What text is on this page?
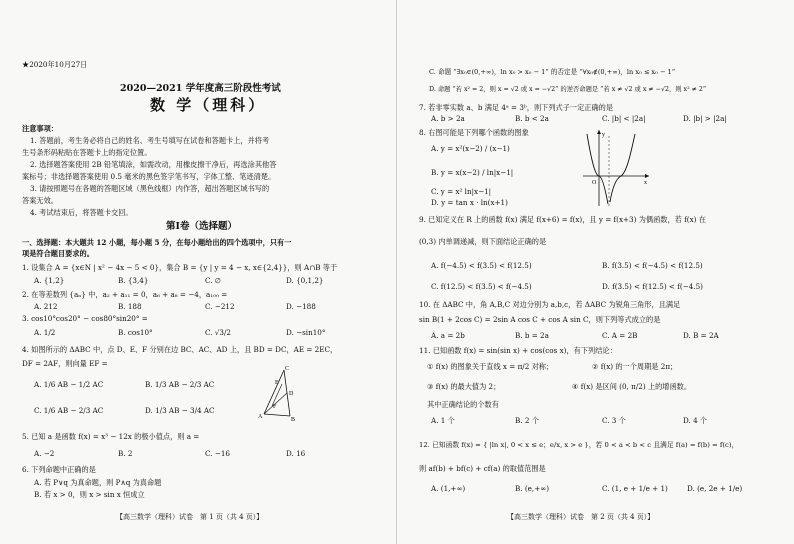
★2020年10月27日
2020—2021 学年度高三阶段性考试
数 学（理科）
注意事项：
1. 答题前，考生务必将自己的姓名、考生号填写在试卷和答题卡上，并将考
生号条形码粘贴在答题卡上的指定位置。
2. 选择题答案使用 2B 铅笔填涂，如需改动，用橡皮擦干净后，再选涂其他答
案标号；非选择题答案使用 0.5 毫米的黑色签字笔书写，字体工整、笔迹清楚。
3. 请按照题号在各题的答题区域（黑色线框）内作答，超出答题区域书写的
答案无效。
4. 考试结束后，将答题卡交回。
第Ⅰ卷（选择题）
一、选择题：本大题共 12 小题，每小题 5 分，在每小题给出的四个选项中，只有一
项是符合题目要求的。
1. 设集合 A = {x∈N | x² − 4x − 5 < 0}，集合 B = {y | y = 4 − x, x∈{2,4}}，则 A∩B 等于
A. {1,2}	B. {3,4}	C. ∅	D. {0,1,2}
2. 在等差数列 {aₙ} 中，a₂ + a₁₁ = 0，a₆ + a₈ = −4，a₁₀₀ =
A. 212	B. 188	C. −212	D. −188
3. cos10°cos20° − cos80°sin20° =
A. 1/2	B. cos10°	C. √3/2	D. −sin10°
4. 如图所示的 ΔABC 中，点 D、E、F 分别在边 BC、AC、AD 上，且 BD = DC，AE = 2EC，
DF = 2AF，则向量 EF =
A. 1/6 AB − 1/2 AC	B. 1/3 AB − 2/3 AC
C. 1/6 AB − 2/3 AC	D. 1/3 AB − 3/4 AC
C
E
D
F
A	B
5. 已知 a 是函数 f(x) = x³ − 12x 的极小值点，则 a =
A. −2	B. 2	C. −16	D. 16
6. 下列命题中正确的是
A. 若 P∨q 为真命题，则 P∧q 为真命题
B. 若 x > 0，则 x > sin x 恒成立
【高三数学（理科）试卷　第 1 页（共 4 页）】
C. 命题 “∃x₀∈(0,+∞)，ln x₀ > x₀ − 1” 的否定是 “∀x₀∉(0,+∞)，ln x₀ ≤ x₀ − 1”
D. 命题 “若 x² = 2，则 x = √2 或 x = −√2” 的逆否命题是 “若 x ≠ √2 或 x ≠ −√2，则 x² ≠ 2”
7. 若非零实数 a、b 满足 4ᵃ = 3ᵇ，则下列式子一定正确的是
A. b > 2a	B. b < 2a	C. |b| < |2a|	D. |b| > |2a|
8. 右图可能是下列哪个函数的图象
A. y = x²(x−2) / (x−1)
B. y = x(x−2) / ln|x−1|
C. y = x² ln|x−1|
D. y = tan x · ln(x+1)
y
O	x
9. 已知定义在 R 上的函数 f(x) 满足 f(x+6) = f(x)，且 y = f(x+3) 为偶函数，若 f(x) 在
(0,3) 内单调递减，则下面结论正确的是
A. f(−4.5) < f(3.5) < f(12.5)	B. f(3.5) < f(−4.5) < f(12.5)
C. f(12.5) < f(3.5) < f(−4.5)	D. f(3.5) < f(12.5) < f(−4.5)
10. 在 ΔABC 中，角 A,B,C 对边分别为 a,b,c，若 ΔABC 为锐角三角形，且满足
sin B(1 + 2cos C) = 2sin A cos C + cos A sin C，则下列等式成立的是
A. a = 2b	B. b = 2a	C. A = 2B	D. B = 2A
11. 已知函数 f(x) = sin(sin x) + cos(cos x)，有下列结论：
① f(x) 的图象关于直线 x = π/2 对称；	② f(x) 的一个周期是 2π；
③ f(x) 的最大值为 2；	④ f(x) 是区间 (0, π/2) 上的增函数。
其中正确结论的个数有
A. 1 个	B. 2 个	C. 3 个	D. 4 个
12. 已知函数 f(x) = { |ln x|, 0 < x ≤ e；e/x, x > e }，若 0 < a < b < c 且满足 f(a) = f(b) = f(c)，
则 af(b) + bf(c) + cf(a) 的取值范围是
A. (1,+∞)	B. (e,+∞)	C. (1, e + 1/e + 1)	D. (e, 2e + 1/e)
【高三数学（理科）试卷　第 2 页（共 4 页）】
